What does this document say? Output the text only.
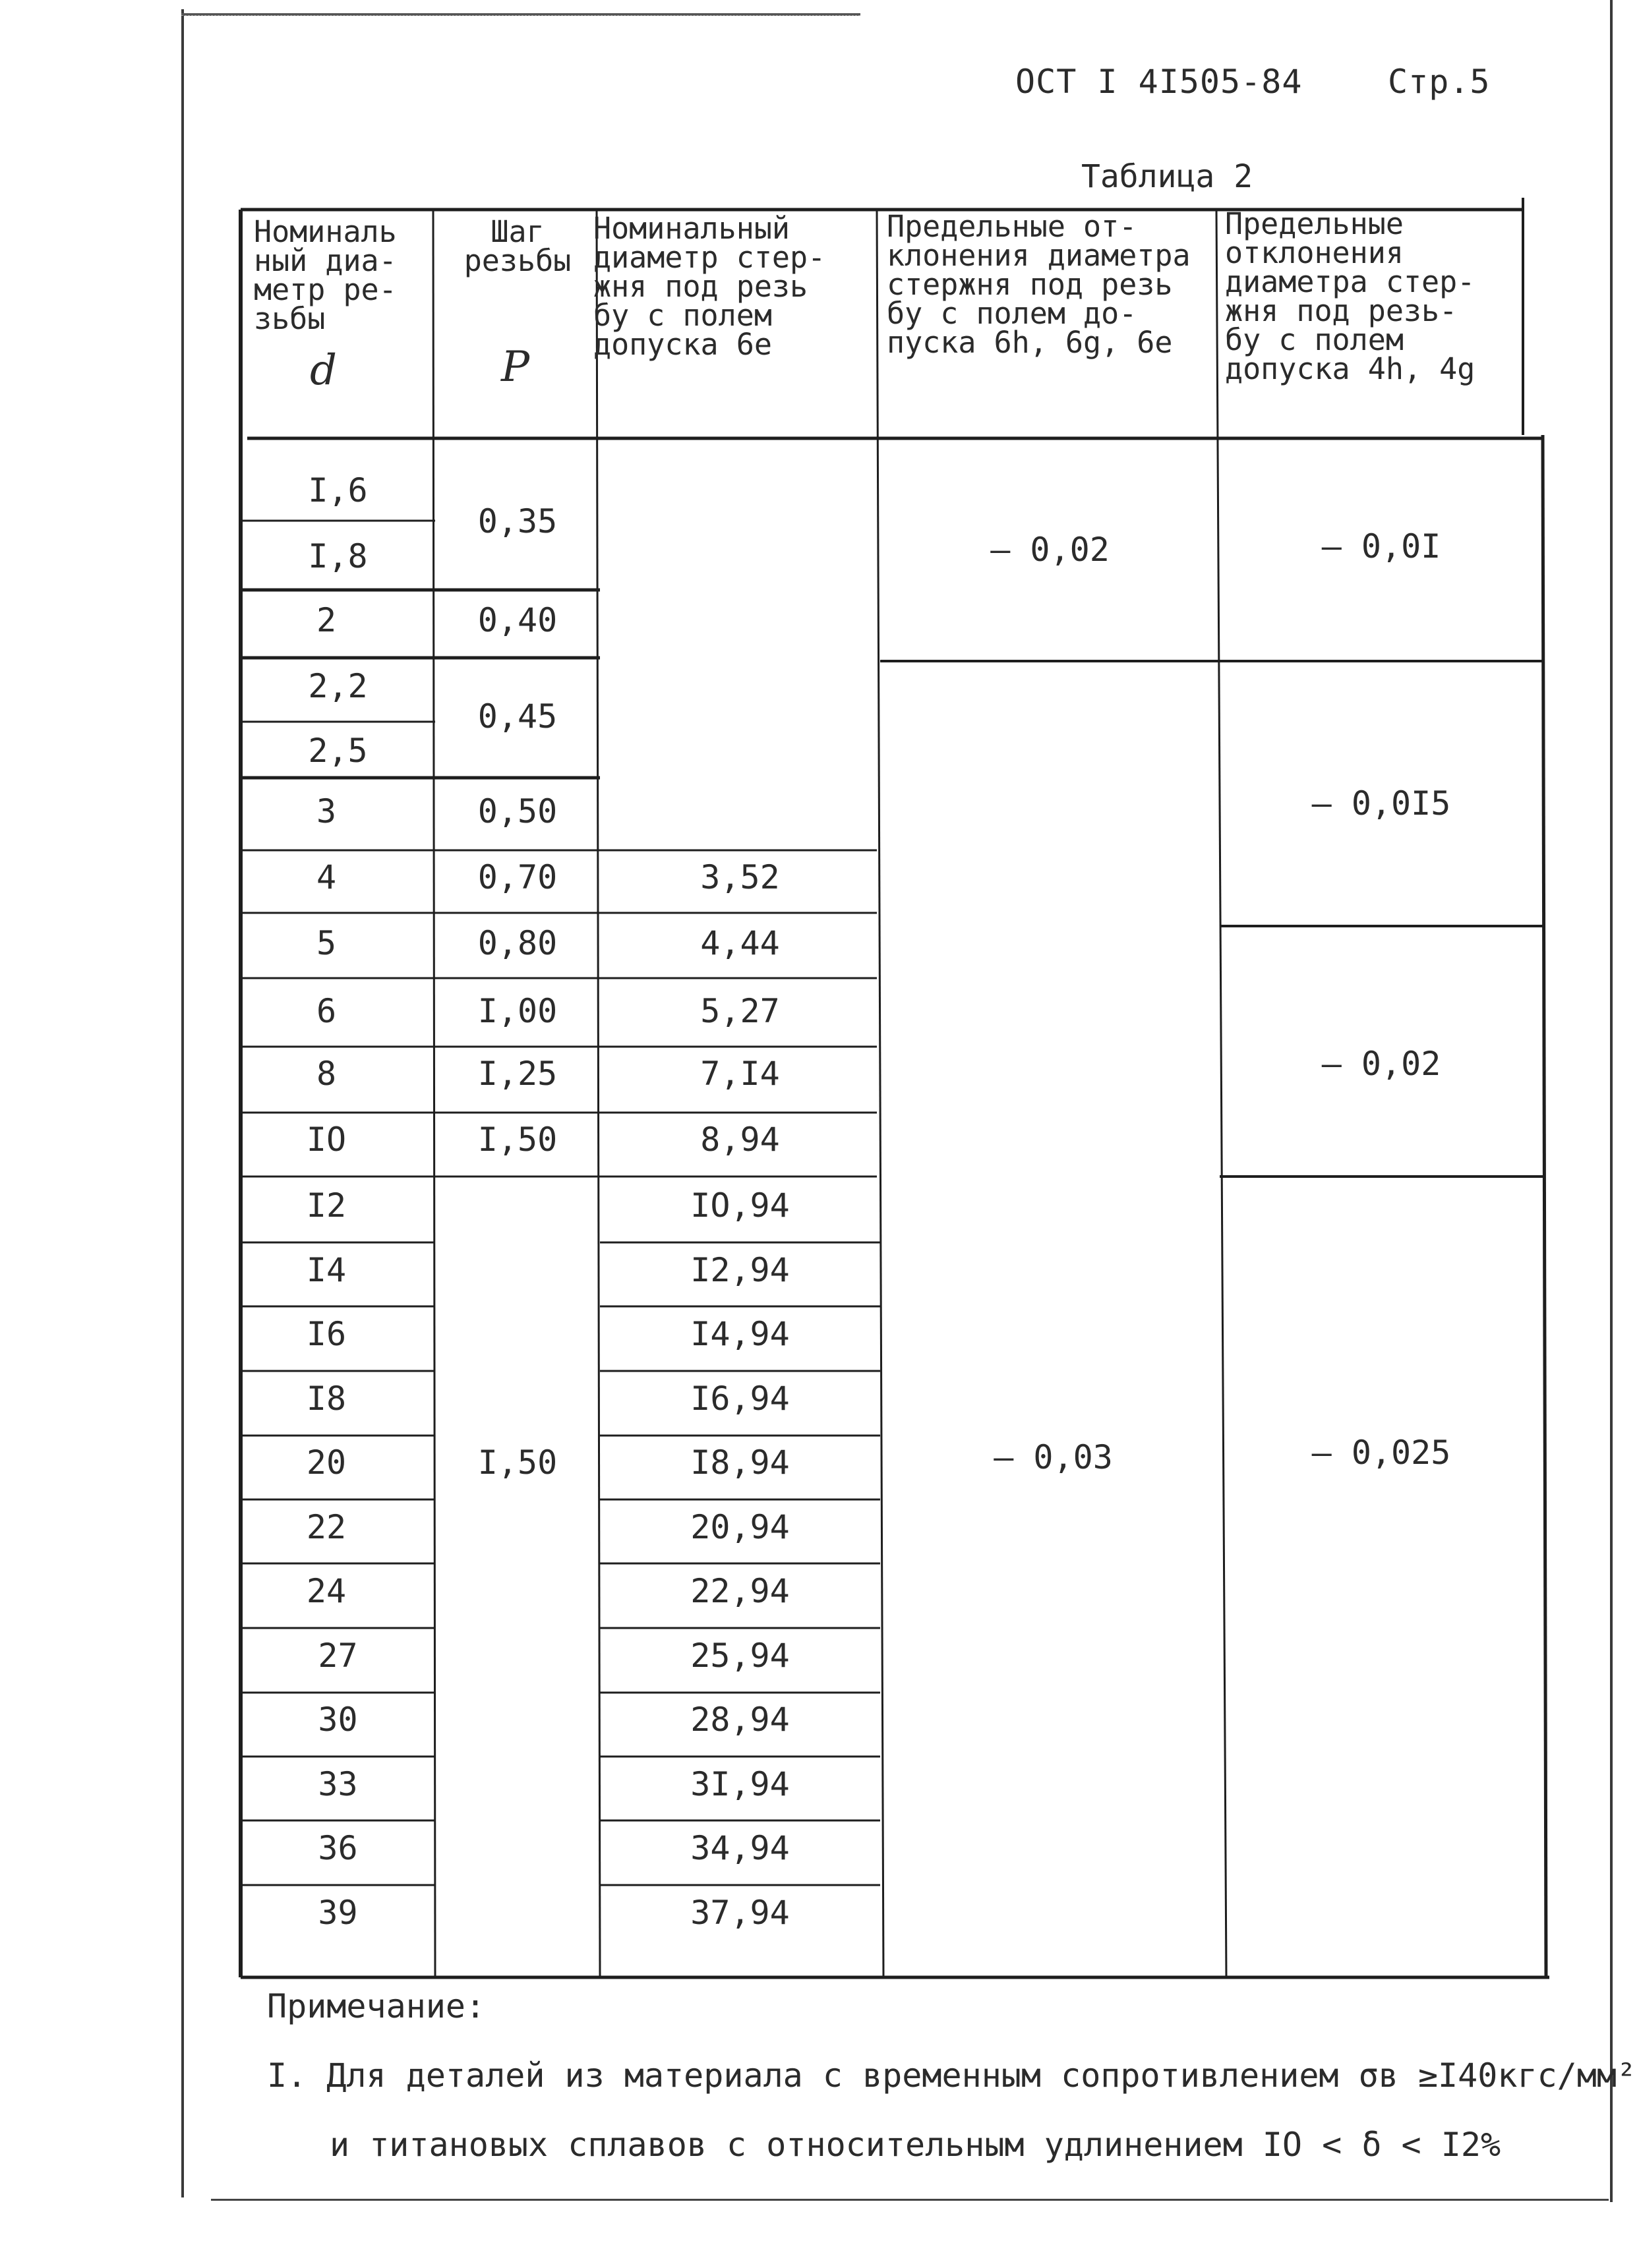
ОСТ I 4I505-84	Стр.5
Таблица 2
Номиналь
ный диа-
метр ре-
зьбы
d
Шаг
резьбы
P
Номинальный
диаметр стер-
жня под резь
бу с полем
допуска 6е
Предельные от-
клонения диаметра
стержня под резь
бу с полем до-
пуска 6h, 6g, 6е
Предельные
отклонения
диаметра стер-
жня под резь-
бу с полем
допуска 4h, 4g
I,6
I,8
2
2,2
2,5
3
4
5
6
8
IO
I2
I4
I6
I8
20
22
24
27
30
33
36
39
0,35
0,40
0,45
0,50
0,70
0,80
I,00
I,25
I,50
I,50
3,52
4,44
5,27
7,I4
8,94
IO,94
I2,94
I4,94
I6,94
I8,94
20,94
22,94
25,94
28,94
3I,94
34,94
37,94
– 0,02
– 0,03
– 0,0I
– 0,0I5
– 0,02
– 0,025
Примечание:
I. Для деталей из материала с временным сопротивлением σв ≥I40кгс/мм²
и титановых сплавов с относительным удлинением IO < δ < I2%
